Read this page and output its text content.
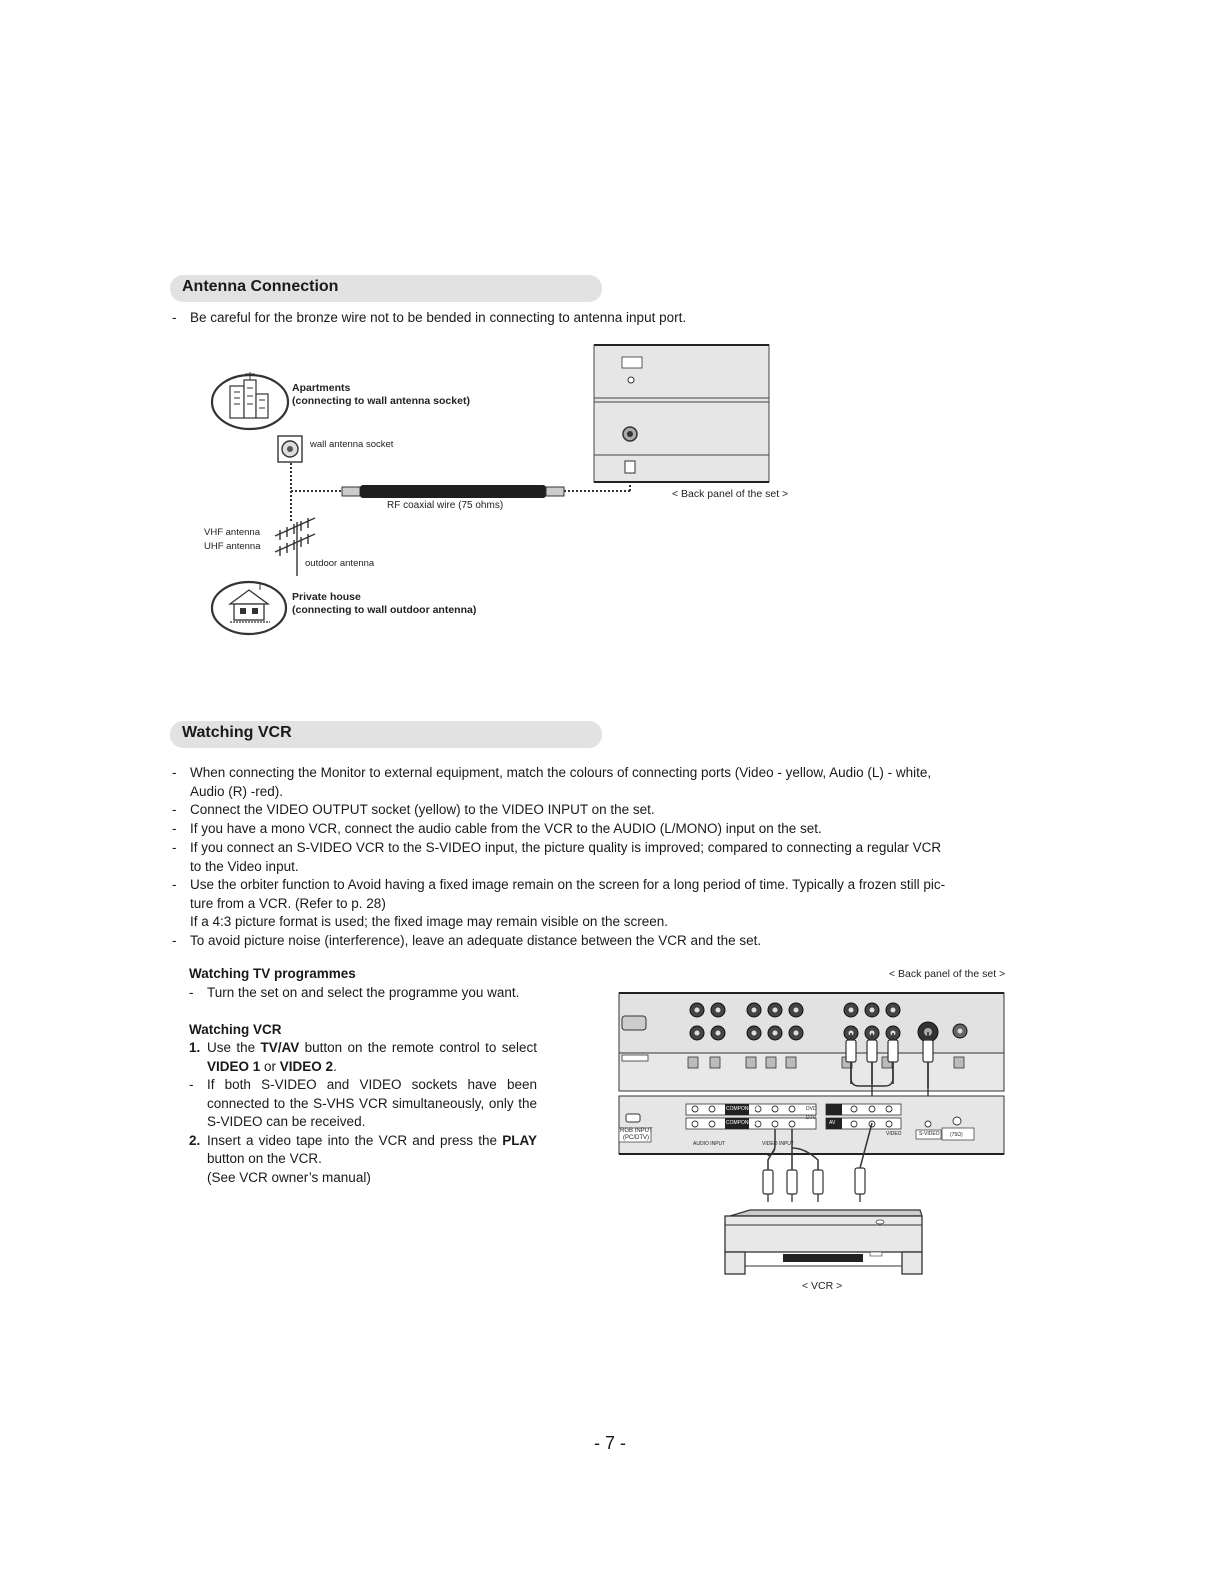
Antenna Connection
- Be careful for the bronze wire not to be bended in connecting to antenna input port.
Apartments
(connecting to wall antenna socket)
wall antenna socket
RF coaxial wire (75 ohms)
< Back panel of the set >
VHF antenna
UHF antenna
outdoor antenna
Private house
(connecting to wall outdoor antenna)
Watching VCR
- When connecting the Monitor to external equipment, match the colours of connecting ports (Video - yellow, Audio (L) - white,
Audio (R) -red).
- Connect the VIDEO OUTPUT socket (yellow) to the VIDEO INPUT on the set.
- If you have a mono VCR, connect the audio cable from the VCR to the AUDIO (L/MONO) input on the set.
- If you connect an S-VIDEO VCR to the S-VIDEO input, the picture quality is improved; compared to connecting a regular VCR
to the Video input.
- Use the orbiter function to Avoid having a fixed image remain on the screen for a long period of time. Typically a frozen still pic-
ture from a VCR. (Refer to p. 28)
If a 4:3 picture format is used; the fixed image may remain visible on the screen.
- To avoid picture noise (interference), leave an adequate distance between the VCR and the set.
Watching TV programmes
- Turn the set on and select the programme you want.
Watching VCR
1. Use the TV/AV button on the remote control to select VIDEO 1 or VIDEO 2.
- If both S-VIDEO and VIDEO sockets have been connected to the S-VHS VCR simultaneously, only the S-VIDEO can be received.
2. Insert a video tape into the VCR and press the PLAY button on the VCR.
(See VCR owner’s manual)
< Back panel of the set >
RGB INPUT
(PC/DTV)
COMPONENT
COMPONENT
DVD
DTV
AV
AUDIO INPUT	VIDEO INPUT
VIDEO	S-VIDEO (75Ω)
< VCR >
- 7 -
